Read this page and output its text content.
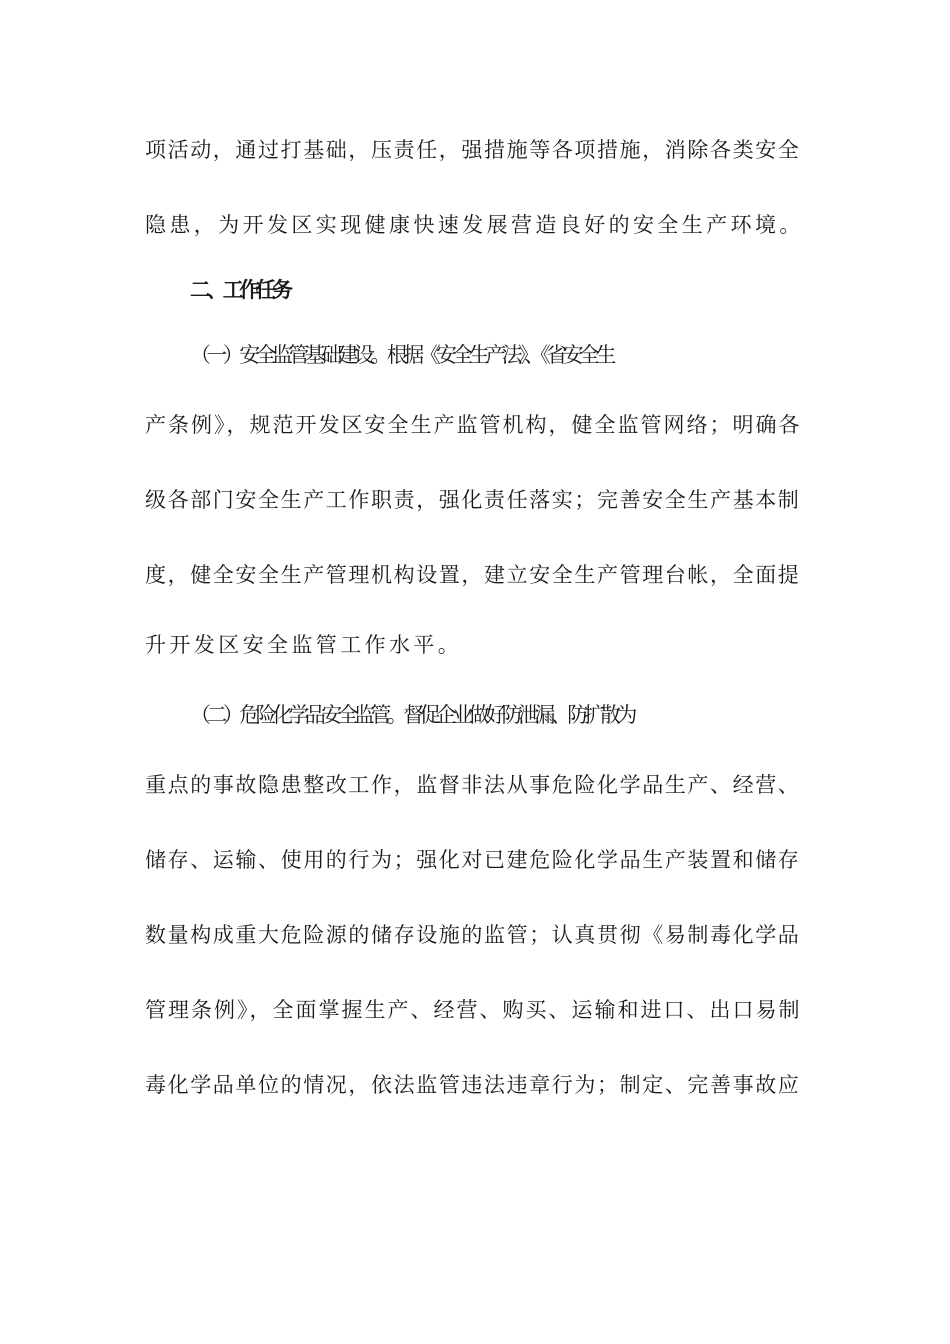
项活动，通过打基础，压责任，强措施等各项措施，消除各类安全
隐患，为开发区实现健康快速发展营造良好的安全生产环境。
二、工作任务
（一）安全监管基础建设。根据《安全生产法》、《省安全生
产条例》，规范开发区安全生产监管机构，健全监管网络；明确各
级各部门安全生产工作职责，强化责任落实；完善安全生产基本制
度，健全安全生产管理机构设置，建立安全生产管理台帐，全面提
升开发区安全监管工作水平。
（二）危险化学品安全监管。督促企业做好防泄漏、防扩散为
重点的事故隐患整改工作，监督非法从事危险化学品生产、经营、
储存、运输、使用的行为；强化对已建危险化学品生产装置和储存
数量构成重大危险源的储存设施的监管；认真贯彻《易制毒化学品
管理条例》，全面掌握生产、经营、购买、运输和进口、出口易制
毒化学品单位的情况，依法监管违法违章行为；制定、完善事故应
